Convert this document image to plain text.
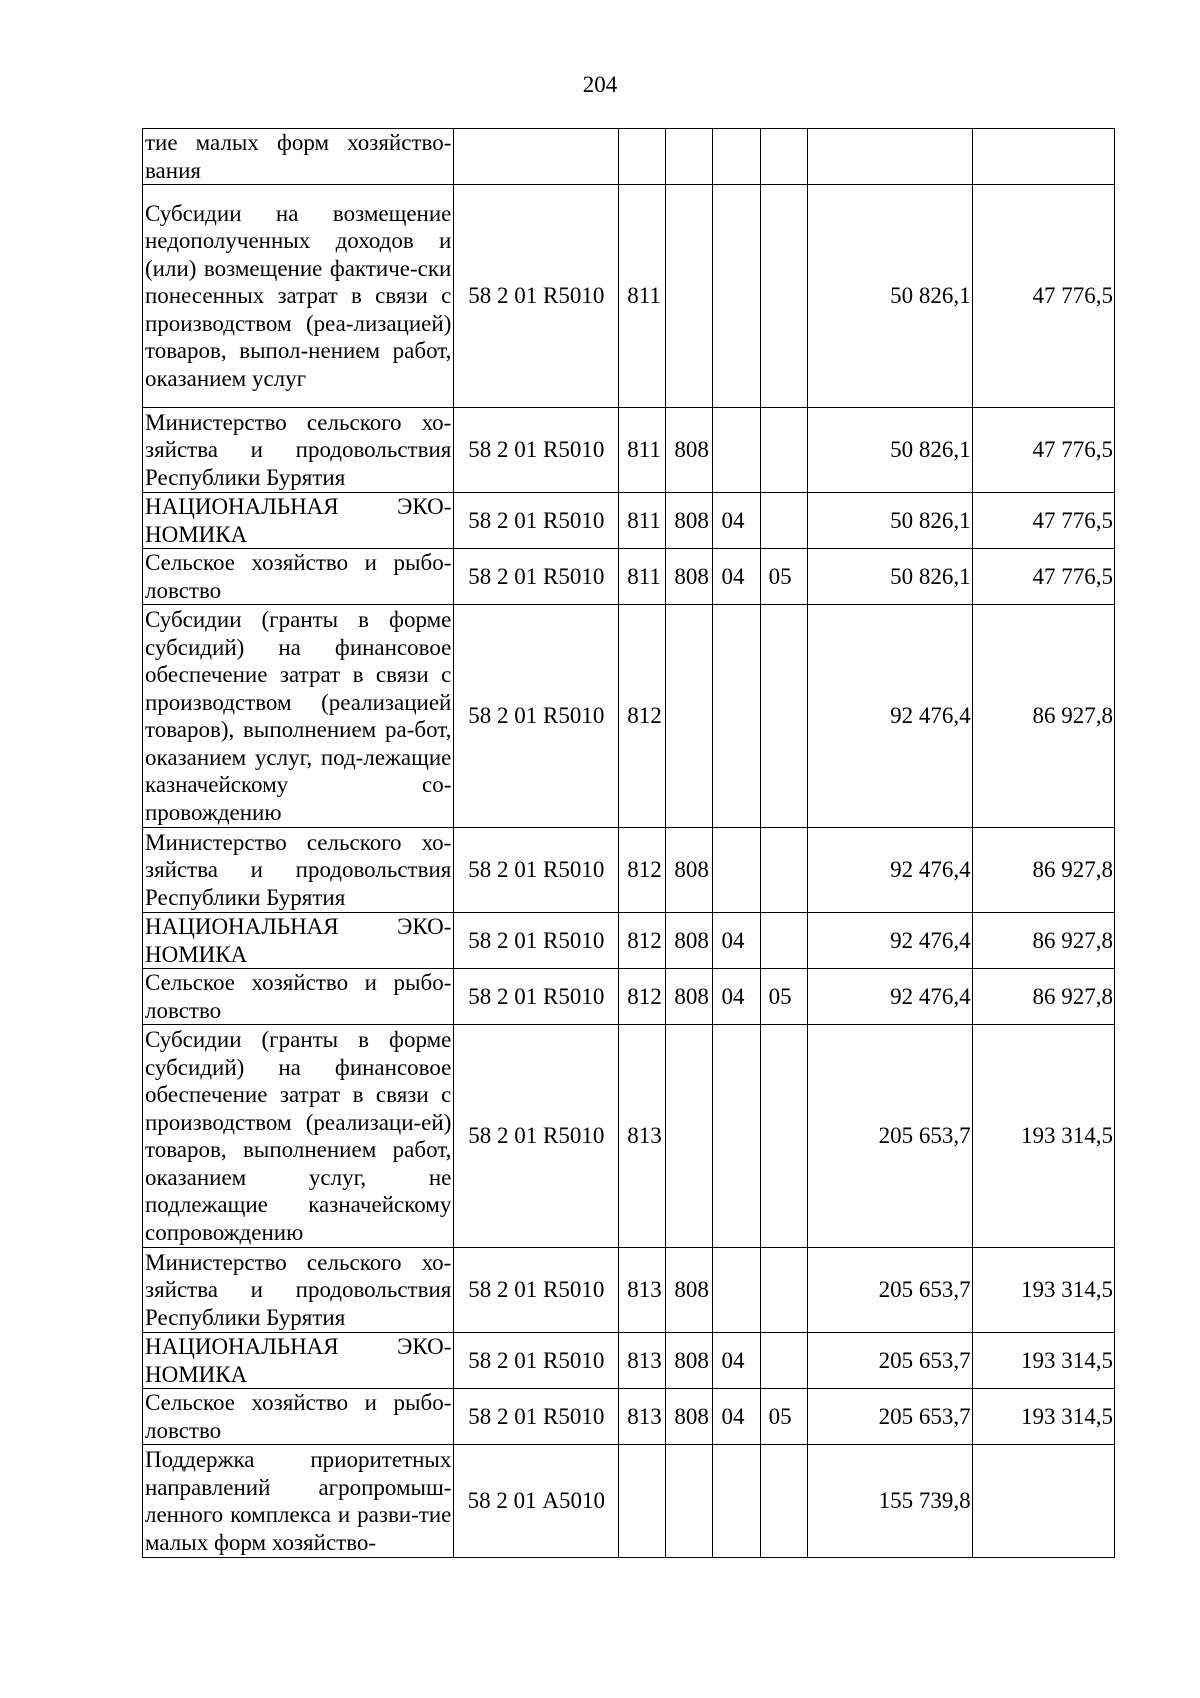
204
тие малых форм хозяйство-вания							
Субсидии на возмещение недополученных доходов и (или) возмещение фактиче-ски понесенных затрат в связи с производством (реа-лизацией) товаров, выпол-нением работ, оказанием услуг	58 2 01 R5010	811				50 826,1	47 776,5
Министерство сельского хо-зяйства и продовольствия Республики Бурятия	58 2 01 R5010	811	808			50 826,1	47 776,5
НАЦИОНАЛЬНАЯ ЭКО-НОМИКА	58 2 01 R5010	811	808	04		50 826,1	47 776,5
Сельское хозяйство и рыбо-ловство	58 2 01 R5010	811	808	04	05	50 826,1	47 776,5
Субсидии (гранты в форме субсидий) на финансовое обеспечение затрат в связи с производством (реализацией товаров), выполнением ра-бот, оказанием услуг, под-лежащие казначейскому со-провождению	58 2 01 R5010	812				92 476,4	86 927,8
Министерство сельского хо-зяйства и продовольствия Республики Бурятия	58 2 01 R5010	812	808			92 476,4	86 927,8
НАЦИОНАЛЬНАЯ ЭКО-НОМИКА	58 2 01 R5010	812	808	04		92 476,4	86 927,8
Сельское хозяйство и рыбо-ловство	58 2 01 R5010	812	808	04	05	92 476,4	86 927,8
Субсидии (гранты в форме субсидий) на финансовое обеспечение затрат в связи с производством (реализаци-ей) товаров, выполнением работ, оказанием услуг, не подлежащие казначейскому сопровождению	58 2 01 R5010	813				205 653,7	193 314,5
Министерство сельского хо-зяйства и продовольствия Республики Бурятия	58 2 01 R5010	813	808			205 653,7	193 314,5
НАЦИОНАЛЬНАЯ ЭКО-НОМИКА	58 2 01 R5010	813	808	04		205 653,7	193 314,5
Сельское хозяйство и рыбо-ловство	58 2 01 R5010	813	808	04	05	205 653,7	193 314,5
Поддержка приоритетных направлений агропромыш-ленного комплекса и разви-тие малых форм хозяйство-	58 2 01 А5010					155 739,8	
